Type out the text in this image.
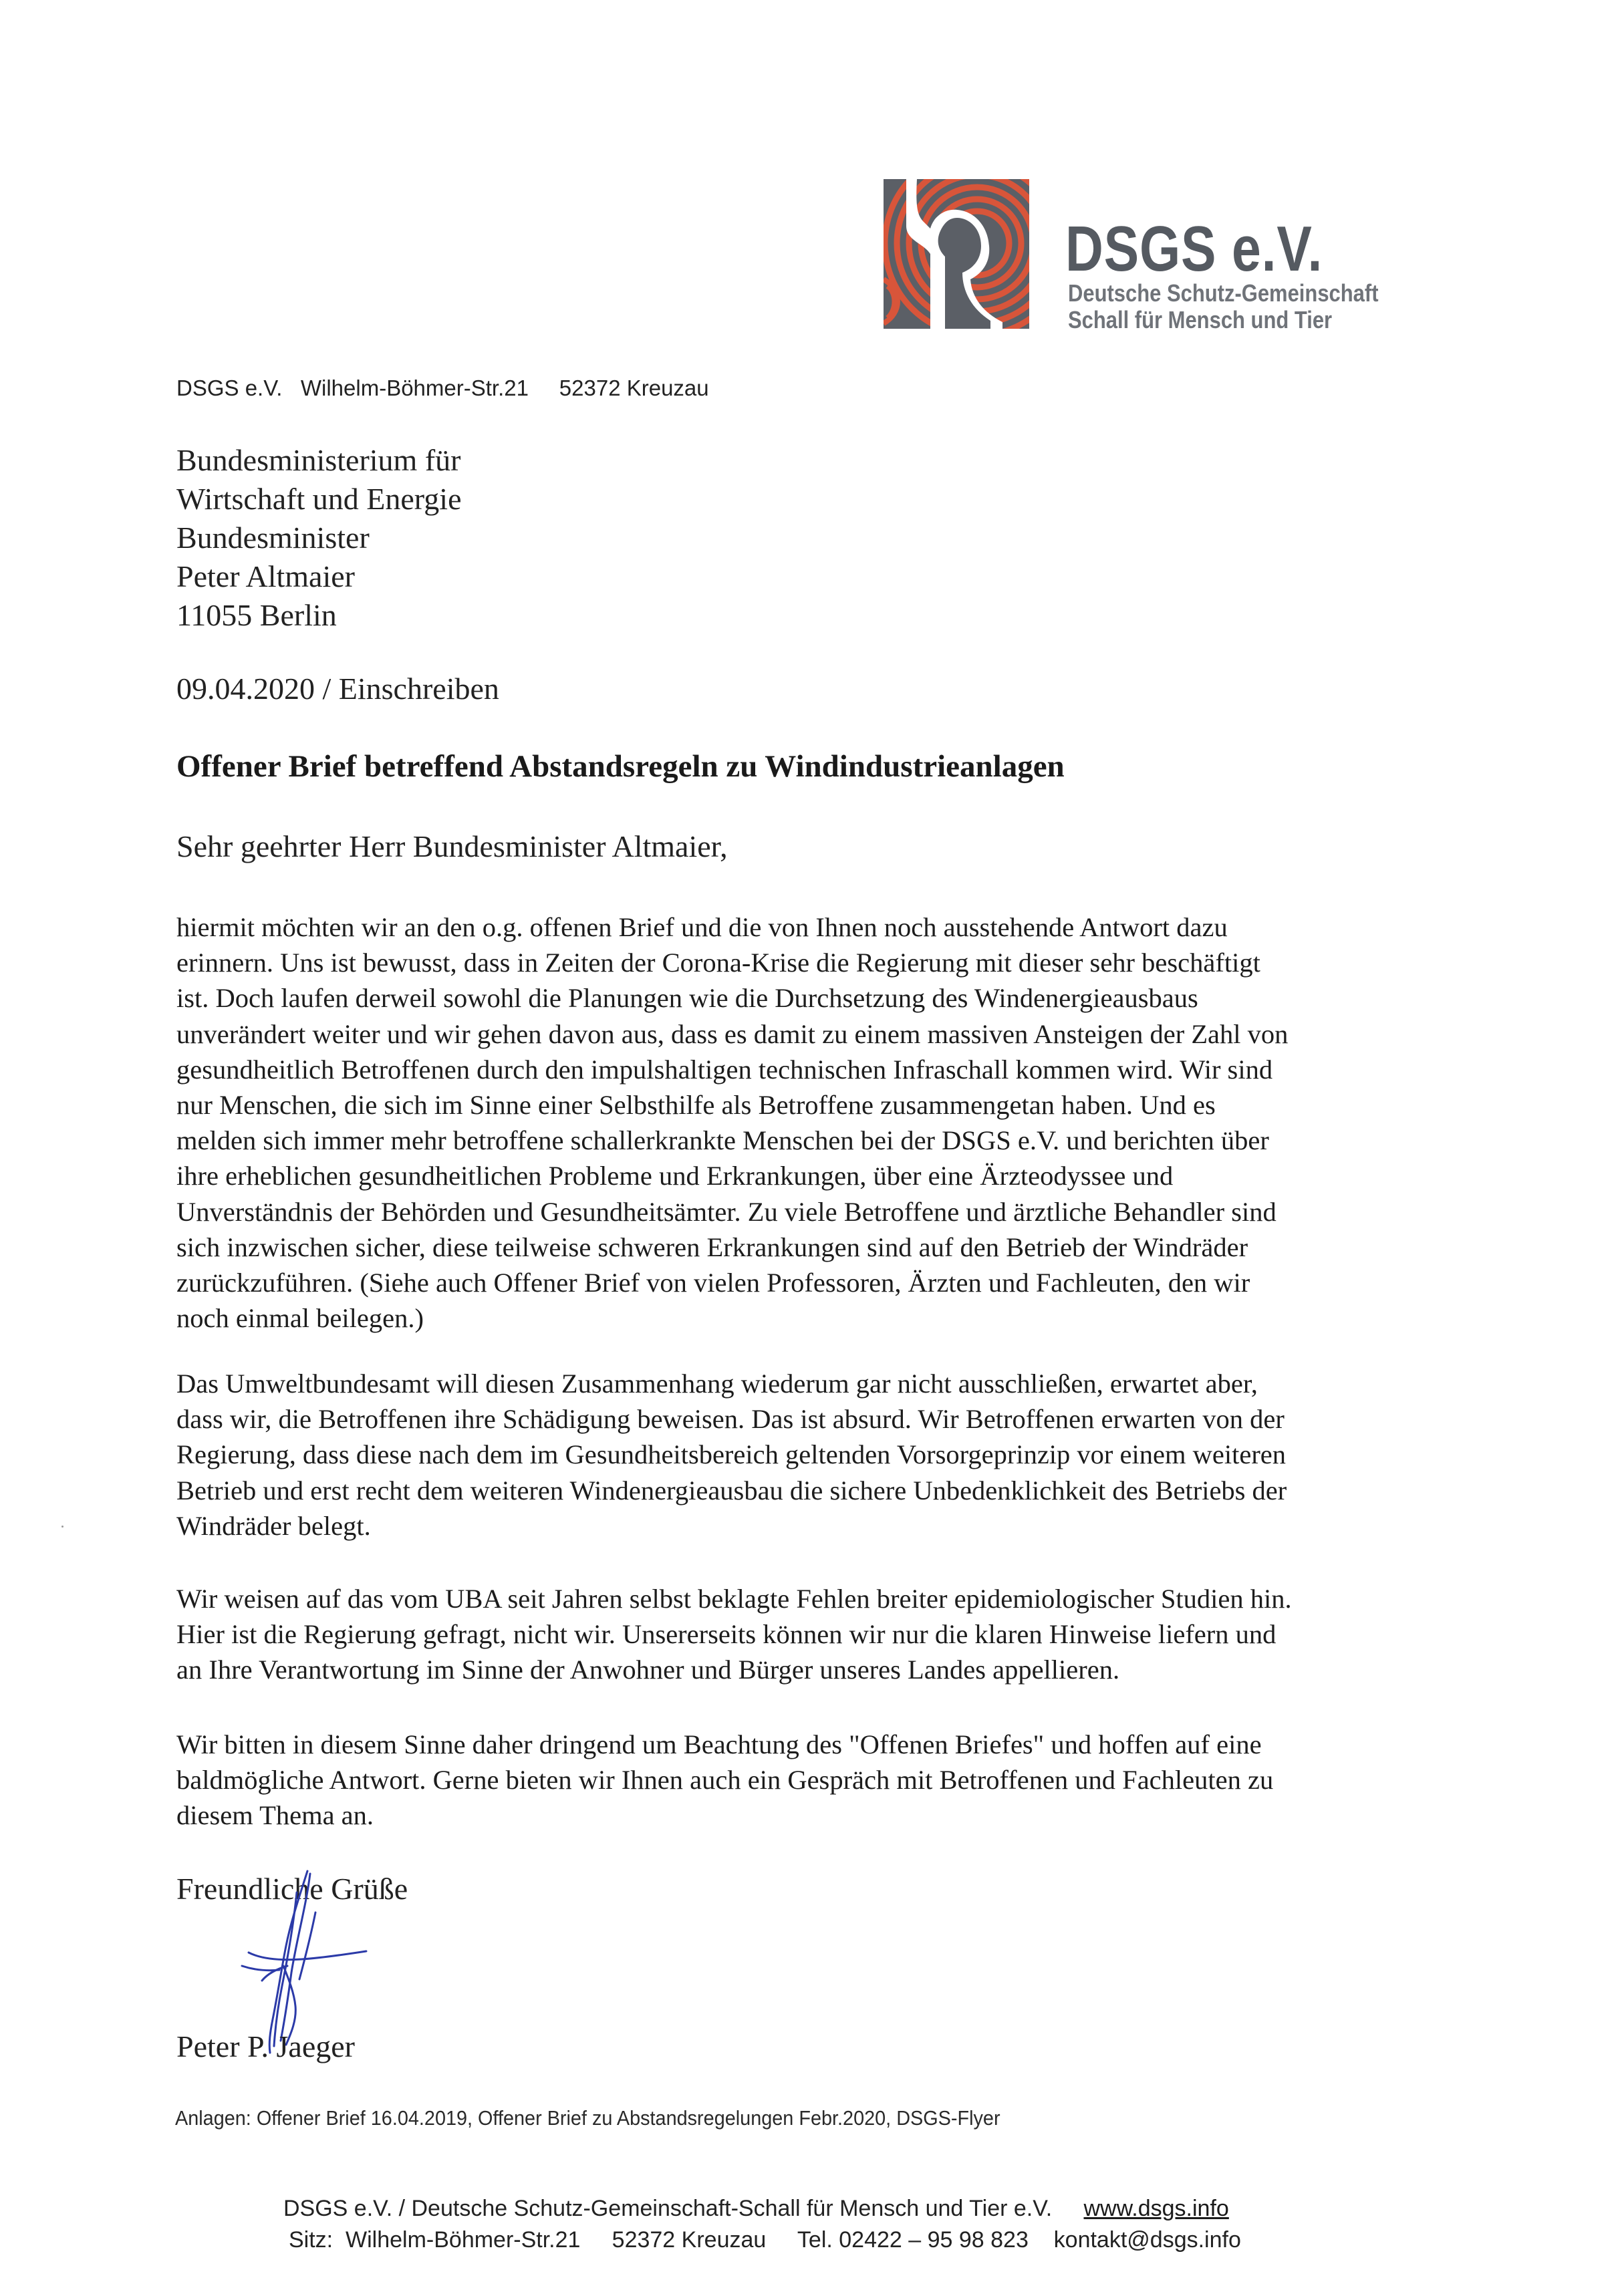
DSGS e.V.
Deutsche Schutz-Gemeinschaft
Schall für Mensch und Tier
DSGS e.V.   Wilhelm-Böhmer-Str.21     52372 Kreuzau
Bundesministerium für
Wirtschaft und Energie
Bundesminister
Peter Altmaier
11055 Berlin
09.04.2020 / Einschreiben
Offener Brief betreffend Abstandsregeln zu Windindustrieanlagen
Sehr geehrter Herr Bundesminister Altmaier,
hiermit möchten wir an den o.g. offenen Brief und die von Ihnen noch ausstehende Antwort dazu
erinnern. Uns ist bewusst, dass in Zeiten der Corona-Krise die Regierung mit dieser sehr beschäftigt
ist. Doch laufen derweil sowohl die Planungen wie die Durchsetzung des Windenergieausbaus
unverändert weiter und wir gehen davon aus, dass es damit zu einem massiven Ansteigen der Zahl von
gesundheitlich Betroffenen durch den impulshaltigen technischen Infraschall kommen wird. Wir sind
nur Menschen, die sich im Sinne einer Selbsthilfe als Betroffene zusammengetan haben. Und es
melden sich immer mehr betroffene schallerkrankte Menschen bei der DSGS e.V. und berichten über
ihre erheblichen gesundheitlichen Probleme und Erkrankungen, über eine Ärzteodyssee und
Unverständnis der Behörden und Gesundheitsämter. Zu viele Betroffene und ärztliche Behandler sind
sich inzwischen sicher, diese teilweise schweren Erkrankungen sind auf den Betrieb der Windräder
zurückzuführen. (Siehe auch Offener Brief von vielen Professoren, Ärzten und Fachleuten, den wir
noch einmal beilegen.)
Das Umweltbundesamt will diesen Zusammenhang wiederum gar nicht ausschließen, erwartet aber,
dass wir, die Betroffenen ihre Schädigung beweisen. Das ist absurd. Wir Betroffenen erwarten von der
Regierung, dass diese nach dem im Gesundheitsbereich geltenden Vorsorgeprinzip vor einem weiteren
Betrieb und erst recht dem weiteren Windenergieausbau die sichere Unbedenklichkeit des Betriebs der
Windräder belegt.
Wir weisen auf das vom UBA seit Jahren selbst beklagte Fehlen breiter epidemiologischer Studien hin.
Hier ist die Regierung gefragt, nicht wir. Unsererseits können wir nur die klaren Hinweise liefern und
an Ihre Verantwortung im Sinne der Anwohner und Bürger unseres Landes appellieren.
Wir bitten in diesem Sinne daher dringend um Beachtung des "Offenen Briefes" und hoffen auf eine
baldmögliche Antwort. Gerne bieten wir Ihnen auch ein Gespräch mit Betroffenen und Fachleuten zu
diesem Thema an.
Freundliche Grüße
Peter P. Jaeger
Anlagen: Offener Brief 16.04.2019, Offener Brief zu Abstandsregelungen Febr.2020, DSGS-Flyer
DSGS e.V. / Deutsche Schutz-Gemeinschaft-Schall für Mensch und Tier e.V.     www.dsgs.info
Sitz:  Wilhelm-Böhmer-Str.21     52372 Kreuzau     Tel. 02422 – 95 98 823    kontakt@dsgs.info
